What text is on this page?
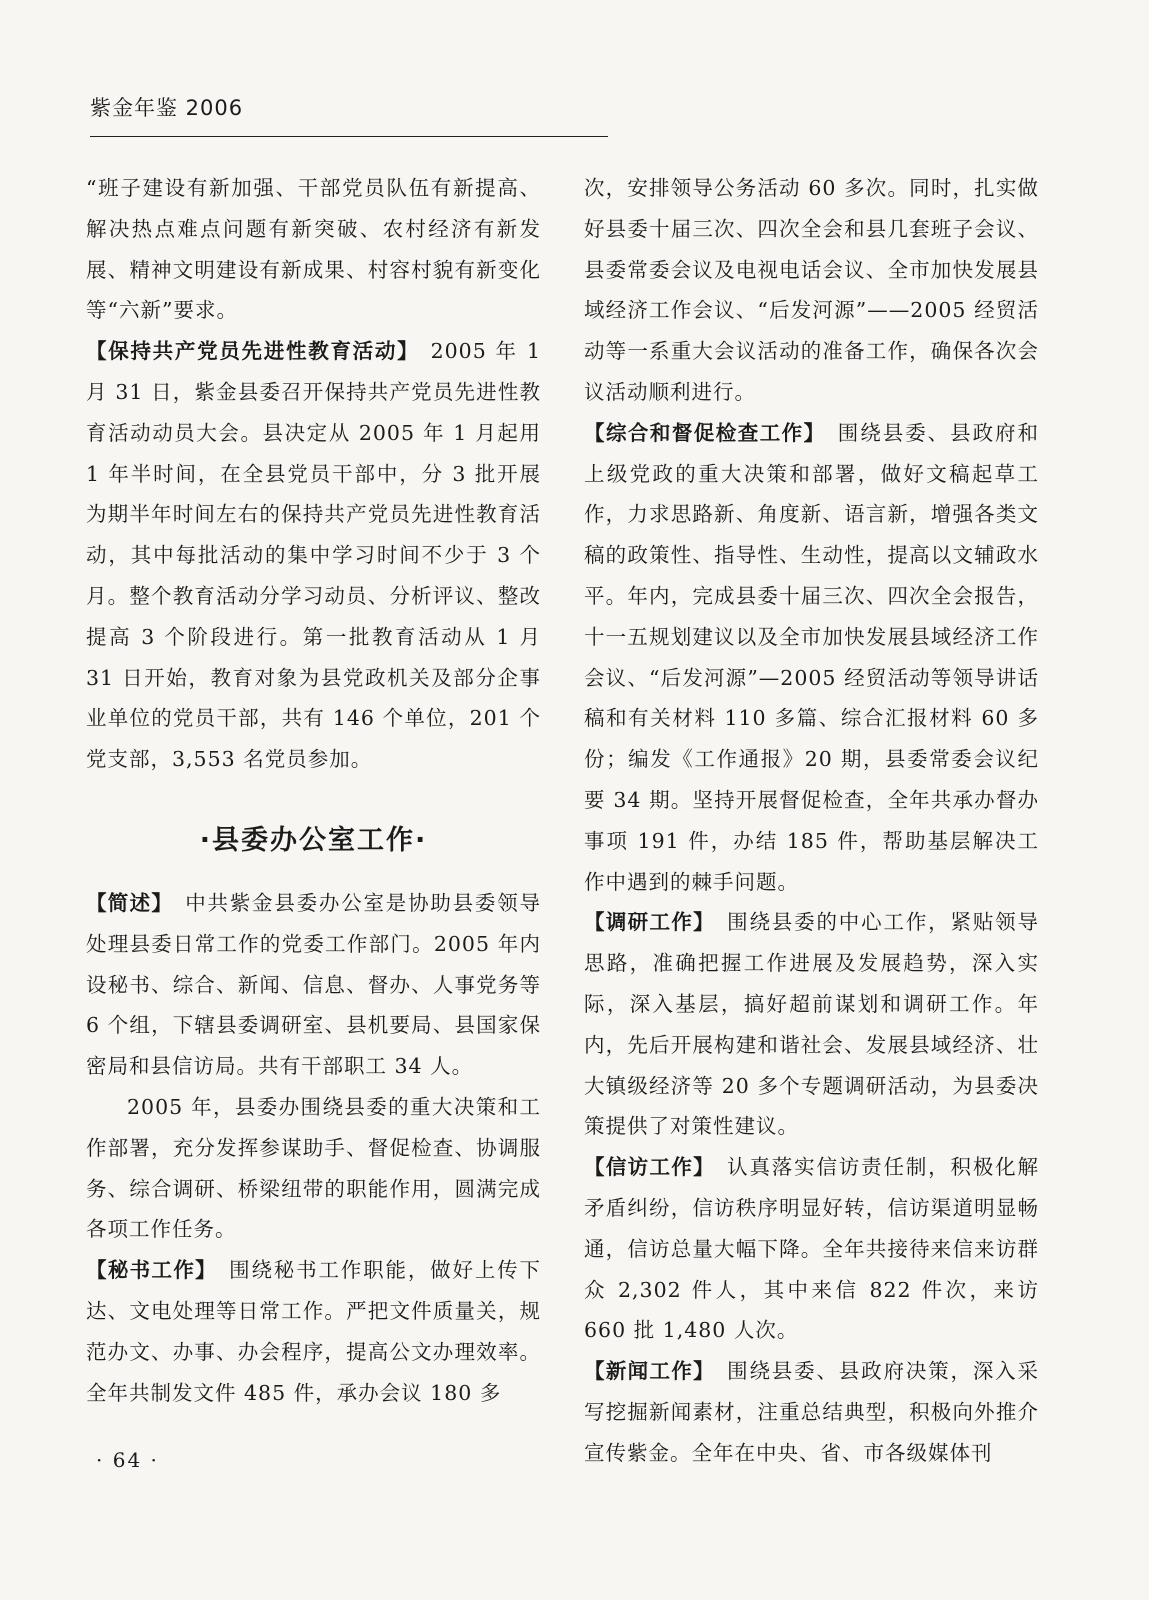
紫金年鉴 2006

“班子建设有新加强、干部党员队伍有新提高、解决热点难点问题有新突破、农村经济有新发展、精神文明建设有新成果、村容村貌有新变化等“六新”要求。

【保持共产党员先进性教育活动】  2005 年 1 月 31 日，紫金县委召开保持共产党员先进性教育活动动员大会。县决定从 2005 年 1 月起用 1 年半时间，在全县党员干部中，分 3 批开展为期半年时间左右的保持共产党员先进性教育活动，其中每批活动的集中学习时间不少于 3 个月。整个教育活动分学习动员、分析评议、整改提高 3 个阶段进行。第一批教育活动从 1 月 31 日开始，教育对象为县党政机关及部分企事业单位的党员干部，共有 146 个单位，201 个党支部，3,553 名党员参加。

·县委办公室工作·

【简述】  中共紫金县委办公室是协助县委领导处理县委日常工作的党委工作部门。2005 年内设秘书、综合、新闻、信息、督办、人事党务等 6 个组，下辖县委调研室、县机要局、县国家保密局和县信访局。共有干部职工 34 人。

2005 年，县委办围绕县委的重大决策和工作部署，充分发挥参谋助手、督促检查、协调服务、综合调研、桥梁纽带的职能作用，圆满完成各项工作任务。

【秘书工作】  围绕秘书工作职能，做好上传下达、文电处理等日常工作。严把文件质量关，规范办文、办事、办会程序，提高公文办理效率。全年共制发文件 485 件，承办会议 180 多

次，安排领导公务活动 60 多次。同时，扎实做好县委十届三次、四次全会和县几套班子会议、县委常委会议及电视电话会议、全市加快发展县域经济工作会议、“后发河源”——2005 经贸活动等一系重大会议活动的准备工作，确保各次会议活动顺利进行。

【综合和督促检查工作】  围绕县委、县政府和上级党政的重大决策和部署，做好文稿起草工作，力求思路新、角度新、语言新，增强各类文稿的政策性、指导性、生动性，提高以文辅政水平。年内，完成县委十届三次、四次全会报告，十一五规划建议以及全市加快发展县域经济工作会议、“后发河源”—2005 经贸活动等领导讲话稿和有关材料 110 多篇、综合汇报材料 60 多份；编发《工作通报》20 期，县委常委会议纪要 34 期。坚持开展督促检查，全年共承办督办事项 191 件，办结 185 件，帮助基层解决工作中遇到的棘手问题。

【调研工作】  围绕县委的中心工作，紧贴领导思路，准确把握工作进展及发展趋势，深入实际，深入基层，搞好超前谋划和调研工作。年内，先后开展构建和谐社会、发展县域经济、壮大镇级经济等 20 多个专题调研活动，为县委决策提供了对策性建议。

【信访工作】  认真落实信访责任制，积极化解矛盾纠纷，信访秩序明显好转，信访渠道明显畅通，信访总量大幅下降。全年共接待来信来访群众 2,302 件人，其中来信 822 件次，来访 660 批 1,480 人次。

【新闻工作】  围绕县委、县政府决策，深入采写挖掘新闻素材，注重总结典型，积极向外推介宣传紫金。全年在中央、省、市各级媒体刊

· 64 ·
